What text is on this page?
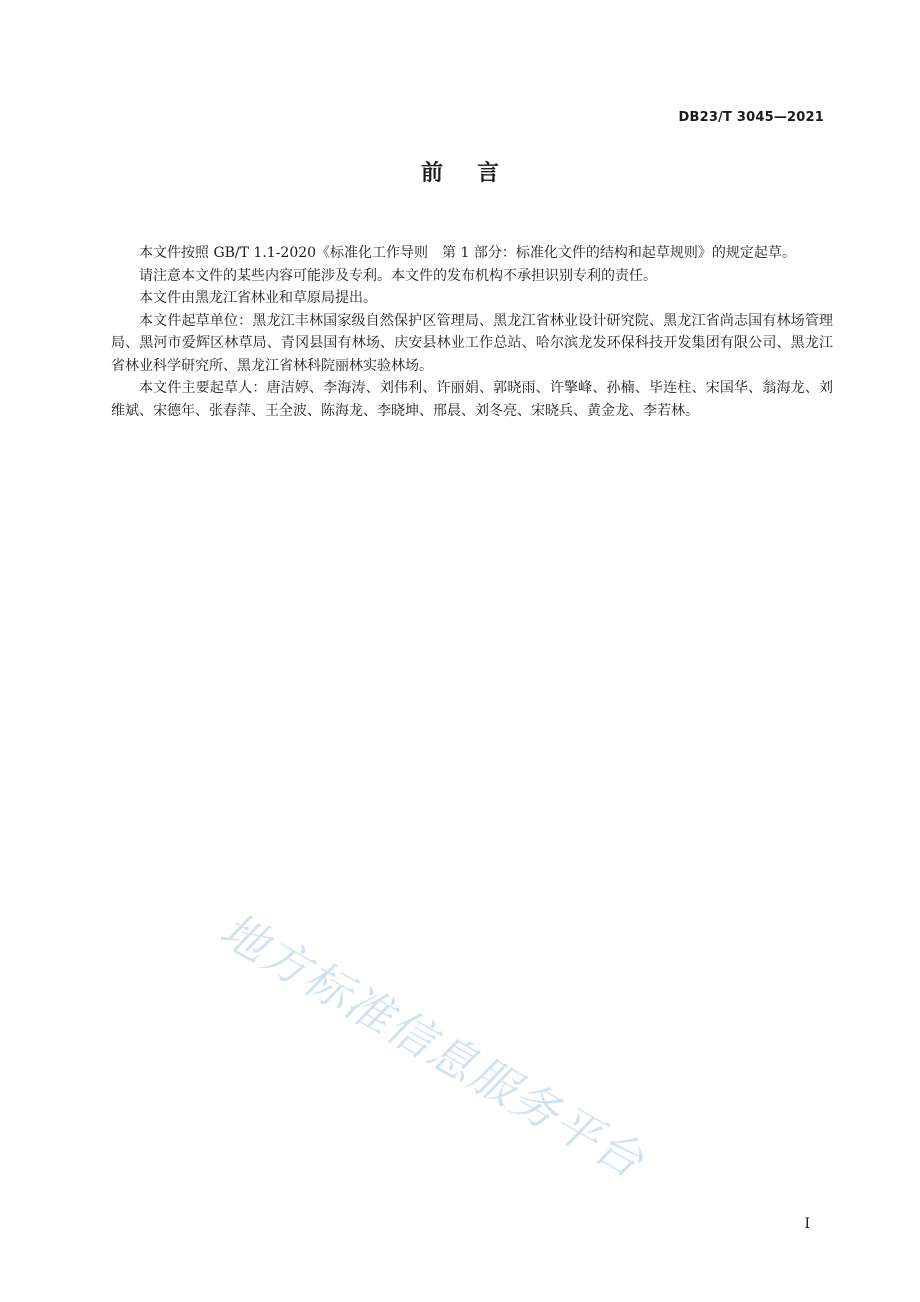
DB23/T 3045—2021
前言

本文件按照 GB/T 1.1-2020《标准化工作导则　第 1 部分：标准化文件的结构和起草规则》的规定起草。

请注意本文件的某些内容可能涉及专利。本文件的发布机构不承担识别专利的责任。

本文件由黑龙江省林业和草原局提出。

本文件起草单位：黑龙江丰林国家级自然保护区管理局、黑龙江省林业设计研究院、黑龙江省尚志国有林场管理局、黑河市爱辉区林草局、青冈县国有林场、庆安县林业工作总站、哈尔滨龙发环保科技开发集团有限公司、黑龙江省林业科学研究所、黑龙江省林科院丽林实验林场。

本文件主要起草人：唐洁婷、李海涛、刘伟利、许丽娟、郭晓雨、许擎峰、孙楠、毕连柱、宋国华、翁海龙、刘维斌、宋德年、张春萍、王全波、陈海龙、李晓坤、邢晨、刘冬亮、宋晓兵、黄金龙、李若林。

地方标准信息服务平台
I
